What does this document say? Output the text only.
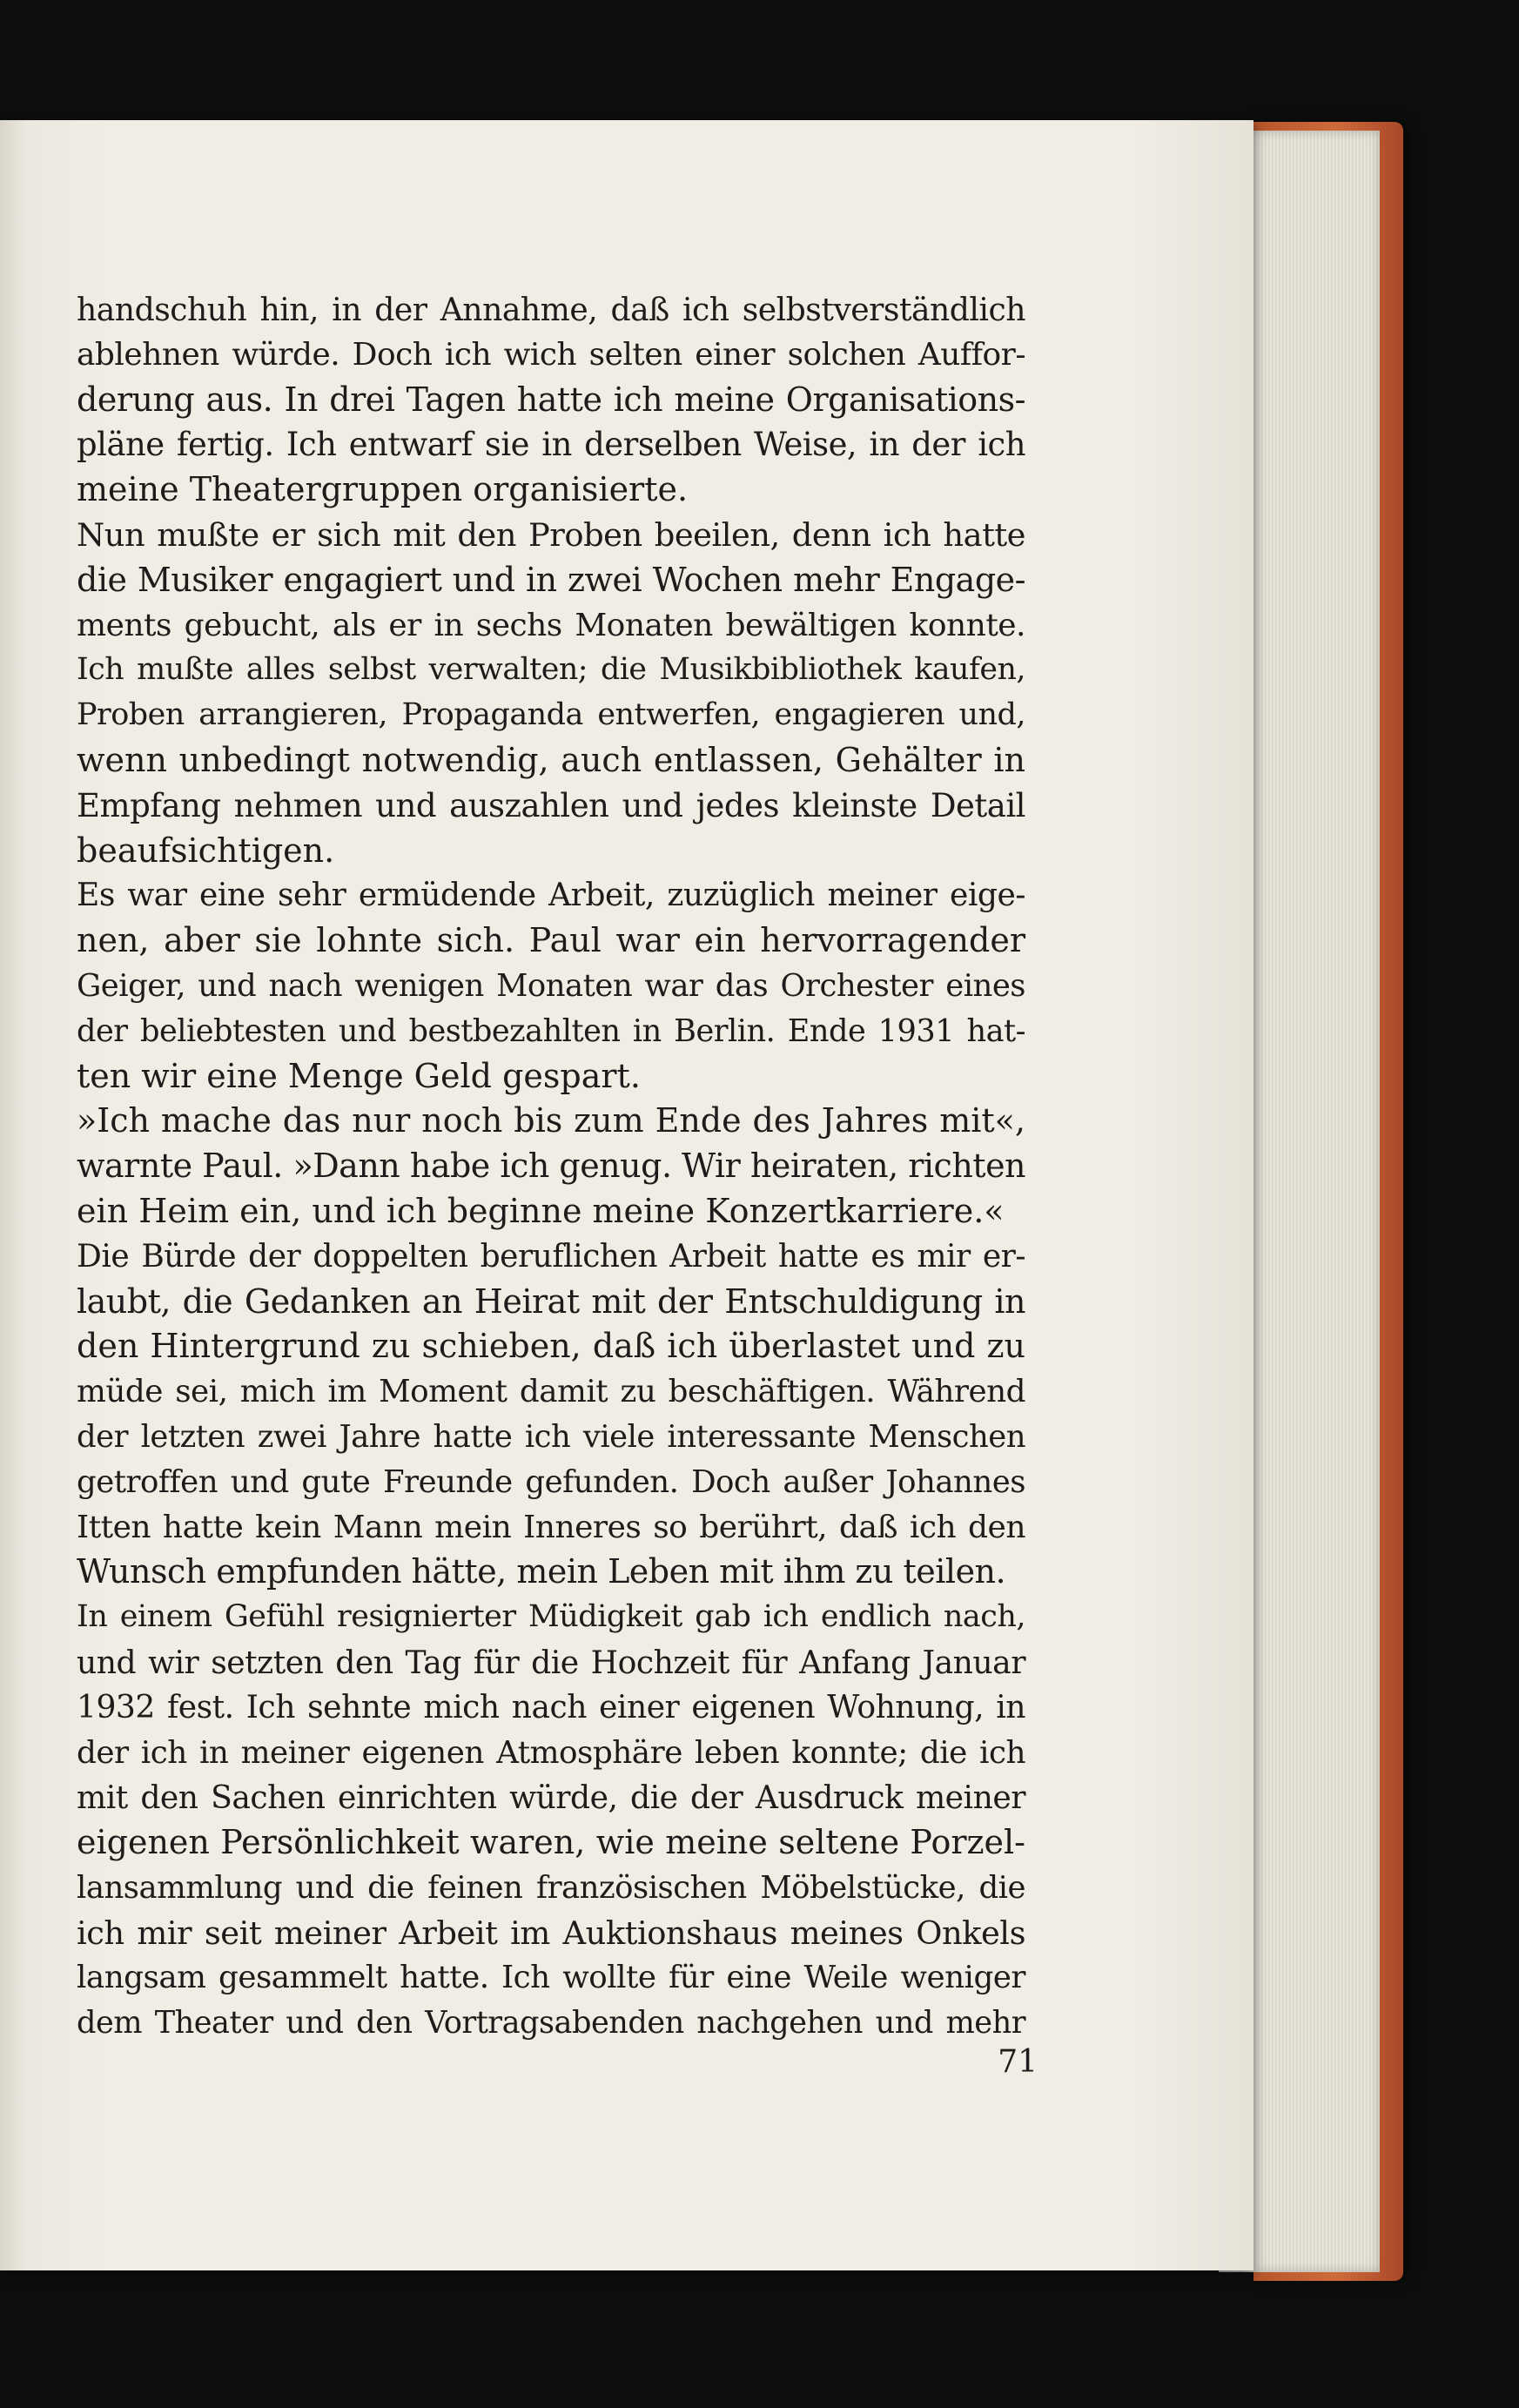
handschuh hin, in der Annahme, daß ich selbstverständlich
ablehnen würde. Doch ich wich selten einer solchen Auffor-
derung aus. In drei Tagen hatte ich meine Organisations-
pläne fertig. Ich entwarf sie in derselben Weise, in der ich
meine Theatergruppen organisierte.
Nun mußte er sich mit den Proben beeilen, denn ich hatte
die Musiker engagiert und in zwei Wochen mehr Engage-
ments gebucht, als er in sechs Monaten bewältigen konnte.
Ich mußte alles selbst verwalten; die Musikbibliothek kaufen,
Proben arrangieren, Propaganda entwerfen, engagieren und,
wenn unbedingt notwendig, auch entlassen, Gehälter in
Empfang nehmen und auszahlen und jedes kleinste Detail
beaufsichtigen.
Es war eine sehr ermüdende Arbeit, zuzüglich meiner eige-
nen, aber sie lohnte sich. Paul war ein hervorragender
Geiger, und nach wenigen Monaten war das Orchester eines
der beliebtesten und bestbezahlten in Berlin. Ende 1931 hat-
ten wir eine Menge Geld gespart.
»Ich mache das nur noch bis zum Ende des Jahres mit«,
warnte Paul. »Dann habe ich genug. Wir heiraten, richten
ein Heim ein, und ich beginne meine Konzertkarriere.«
Die Bürde der doppelten beruflichen Arbeit hatte es mir er-
laubt, die Gedanken an Heirat mit der Entschuldigung in
den Hintergrund zu schieben, daß ich überlastet und zu
müde sei, mich im Moment damit zu beschäftigen. Während
der letzten zwei Jahre hatte ich viele interessante Menschen
getroffen und gute Freunde gefunden. Doch außer Johannes
Itten hatte kein Mann mein Inneres so berührt, daß ich den
Wunsch empfunden hätte, mein Leben mit ihm zu teilen.
In einem Gefühl resignierter Müdigkeit gab ich endlich nach,
und wir setzten den Tag für die Hochzeit für Anfang Januar
1932 fest. Ich sehnte mich nach einer eigenen Wohnung, in
der ich in meiner eigenen Atmosphäre leben konnte; die ich
mit den Sachen einrichten würde, die der Ausdruck meiner
eigenen Persönlichkeit waren, wie meine seltene Porzel-
lansammlung und die feinen französischen Möbelstücke, die
ich mir seit meiner Arbeit im Auktionshaus meines Onkels
langsam gesammelt hatte. Ich wollte für eine Weile weniger
dem Theater und den Vortragsabenden nachgehen und mehr
71
